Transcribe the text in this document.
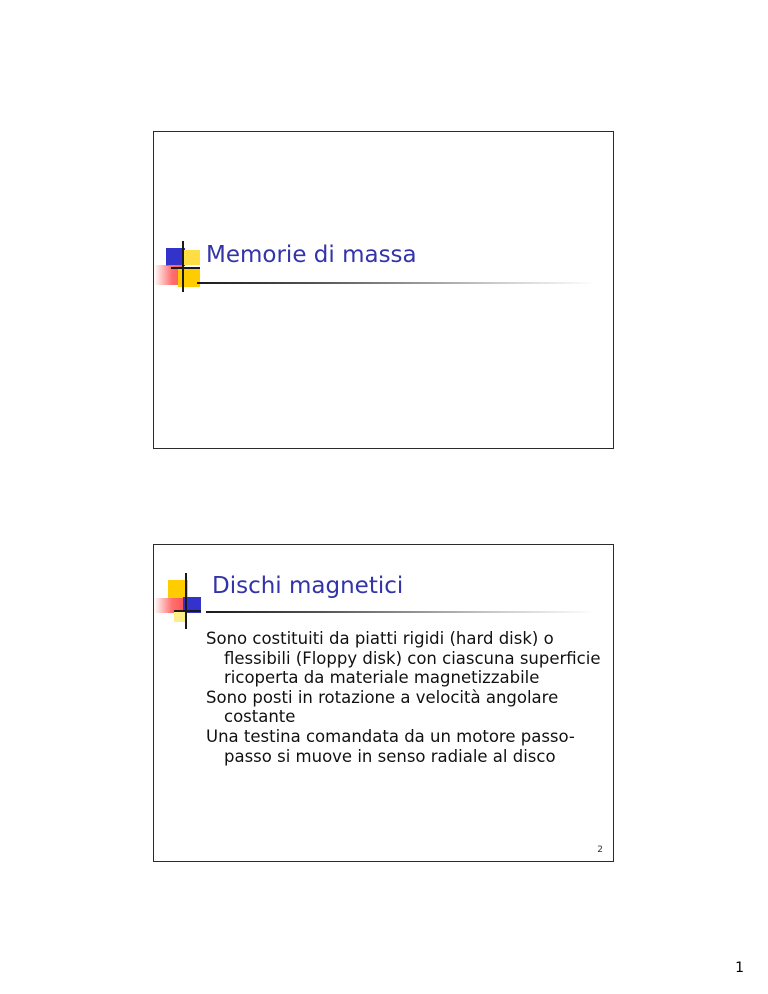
Memorie di massa
Dischi magnetici
Sono costituiti da piatti rigidi (hard disk) o flessibili (Floppy disk) con ciascuna superficie ricoperta da materiale magnetizzabile
Sono posti in rotazione a velocità angolare costante
Una testina comandata da un motore passo-passo si muove in senso radiale al disco
2
1
